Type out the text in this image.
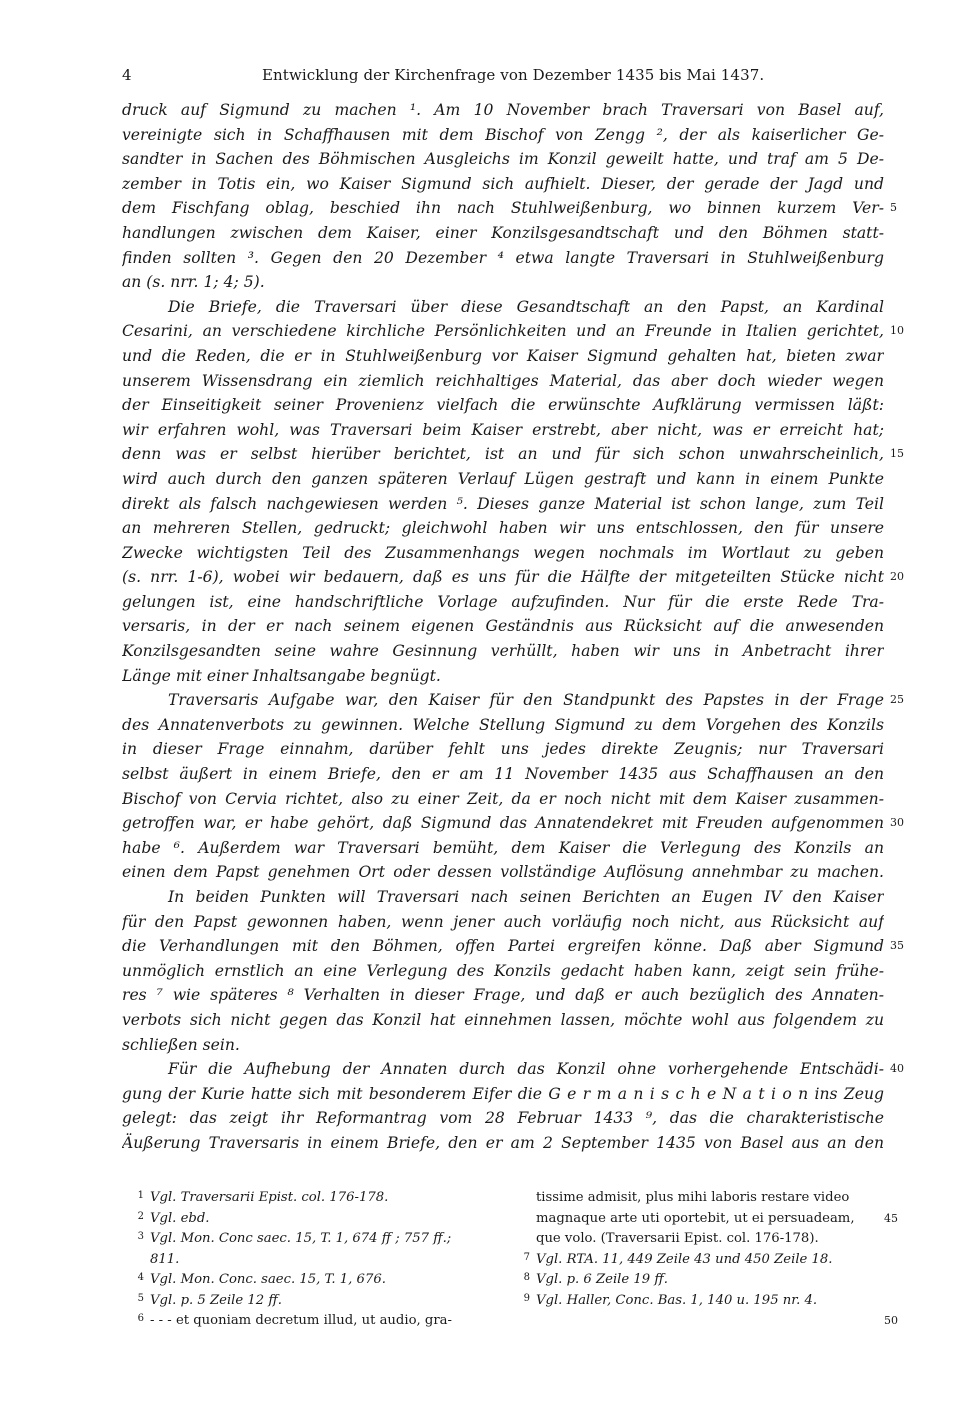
4	Entwicklung der Kirchenfrage von Dezember 1435 bis Mai 1437.
druck auf Sigmund zu machen ¹. Am 10 November brach Traversari von Basel auf,
vereinigte sich in Schaffhausen mit dem Bischof von Zengg ², der als kaiserlicher Ge-
sandter in Sachen des Böhmischen Ausgleichs im Konzil geweilt hatte, und traf am 5 De-
zember in Totis ein, wo Kaiser Sigmund sich aufhielt. Dieser, der gerade der Jagd und
dem Fischfang oblag, beschied ihn nach Stuhlweißenburg, wo binnen kurzem Ver-
handlungen zwischen dem Kaiser, einer Konzilsgesandtschaft und den Böhmen statt-
finden sollten ³. Gegen den 20 Dezember ⁴ etwa langte Traversari in Stuhlweißenburg
an (s. nrr. 1; 4; 5).
Die Briefe, die Traversari über diese Gesandtschaft an den Papst, an Kardinal
Cesarini, an verschiedene kirchliche Persönlichkeiten und an Freunde in Italien gerichtet,
und die Reden, die er in Stuhlweißenburg vor Kaiser Sigmund gehalten hat, bieten zwar
unserem Wissensdrang ein ziemlich reichhaltiges Material, das aber doch wieder wegen
der Einseitigkeit seiner Provenienz vielfach die erwünschte Aufklärung vermissen läßt:
wir erfahren wohl, was Traversari beim Kaiser erstrebt, aber nicht, was er erreicht hat;
denn was er selbst hierüber berichtet, ist an und für sich schon unwahrscheinlich,
wird auch durch den ganzen späteren Verlauf Lügen gestraft und kann in einem Punkte
direkt als falsch nachgewiesen werden ⁵. Dieses ganze Material ist schon lange, zum Teil
an mehreren Stellen, gedruckt; gleichwohl haben wir uns entschlossen, den für unsere
Zwecke wichtigsten Teil des Zusammenhangs wegen nochmals im Wortlaut zu geben
(s. nrr. 1-6), wobei wir bedauern, daß es uns für die Hälfte der mitgeteilten Stücke nicht
gelungen ist, eine handschriftliche Vorlage aufzufinden. Nur für die erste Rede Tra-
versaris, in der er nach seinem eigenen Geständnis aus Rücksicht auf die anwesenden
Konzilsgesandten seine wahre Gesinnung verhüllt, haben wir uns in Anbetracht ihrer
Länge mit einer Inhaltsangabe begnügt.
Traversaris Aufgabe war, den Kaiser für den Standpunkt des Papstes in der Frage
des Annatenverbots zu gewinnen. Welche Stellung Sigmund zu dem Vorgehen des Konzils
in dieser Frage einnahm, darüber fehlt uns jedes direkte Zeugnis; nur Traversari
selbst äußert in einem Briefe, den er am 11 November 1435 aus Schaffhausen an den
Bischof von Cervia richtet, also zu einer Zeit, da er noch nicht mit dem Kaiser zusammen-
getroffen war, er habe gehört, daß Sigmund das Annatendekret mit Freuden aufgenommen
habe ⁶. Außerdem war Traversari bemüht, dem Kaiser die Verlegung des Konzils an
einen dem Papst genehmen Ort oder dessen vollständige Auflösung annehmbar zu machen.
In beiden Punkten will Traversari nach seinen Berichten an Eugen IV den Kaiser
für den Papst gewonnen haben, wenn jener auch vorläufig noch nicht, aus Rücksicht auf
die Verhandlungen mit den Böhmen, offen Partei ergreifen könne. Daß aber Sigmund
unmöglich ernstlich an eine Verlegung des Konzils gedacht haben kann, zeigt sein frühe-
res ⁷ wie späteres ⁸ Verhalten in dieser Frage, und daß er auch bezüglich des Annaten-
verbots sich nicht gegen das Konzil hat einnehmen lassen, möchte wohl aus folgendem zu
schließen sein.
Für die Aufhebung der Annaten durch das Konzil ohne vorhergehende Entschädi-
gung der Kurie hatte sich mit besonderem Eifer die G e r m a n i s c h e N a t i o n ins Zeug
gelegt: das zeigt ihr Reformantrag vom 28 Februar 1433 ⁹, das die charakteristische
Äußerung Traversaris in einem Briefe, den er am 2 September 1435 von Basel aus an den
5
10
15
20
25
30
35
40
1 Vgl. Traversarii Epist. col. 176-178.
2 Vgl. ebd.
3 Vgl. Mon. Conc saec. 15, T. 1, 674 ff ; 757 ff.;
811.
4 Vgl. Mon. Conc. saec. 15, T. 1, 676.
5 Vgl. p. 5 Zeile 12 ff.
6 - - - et quoniam decretum illud, ut audio, gra-
tissime admisit, plus mihi laboris restare video
magnaque arte uti oportebit, ut ei persuadeam,
que volo. (Traversarii Epist. col. 176-178).
7 Vgl. RTA. 11, 449 Zeile 43 und 450 Zeile 18.
8 Vgl. p. 6 Zeile 19 ff.
9 Vgl. Haller, Conc. Bas. 1, 140 u. 195 nr. 4.
45
50
